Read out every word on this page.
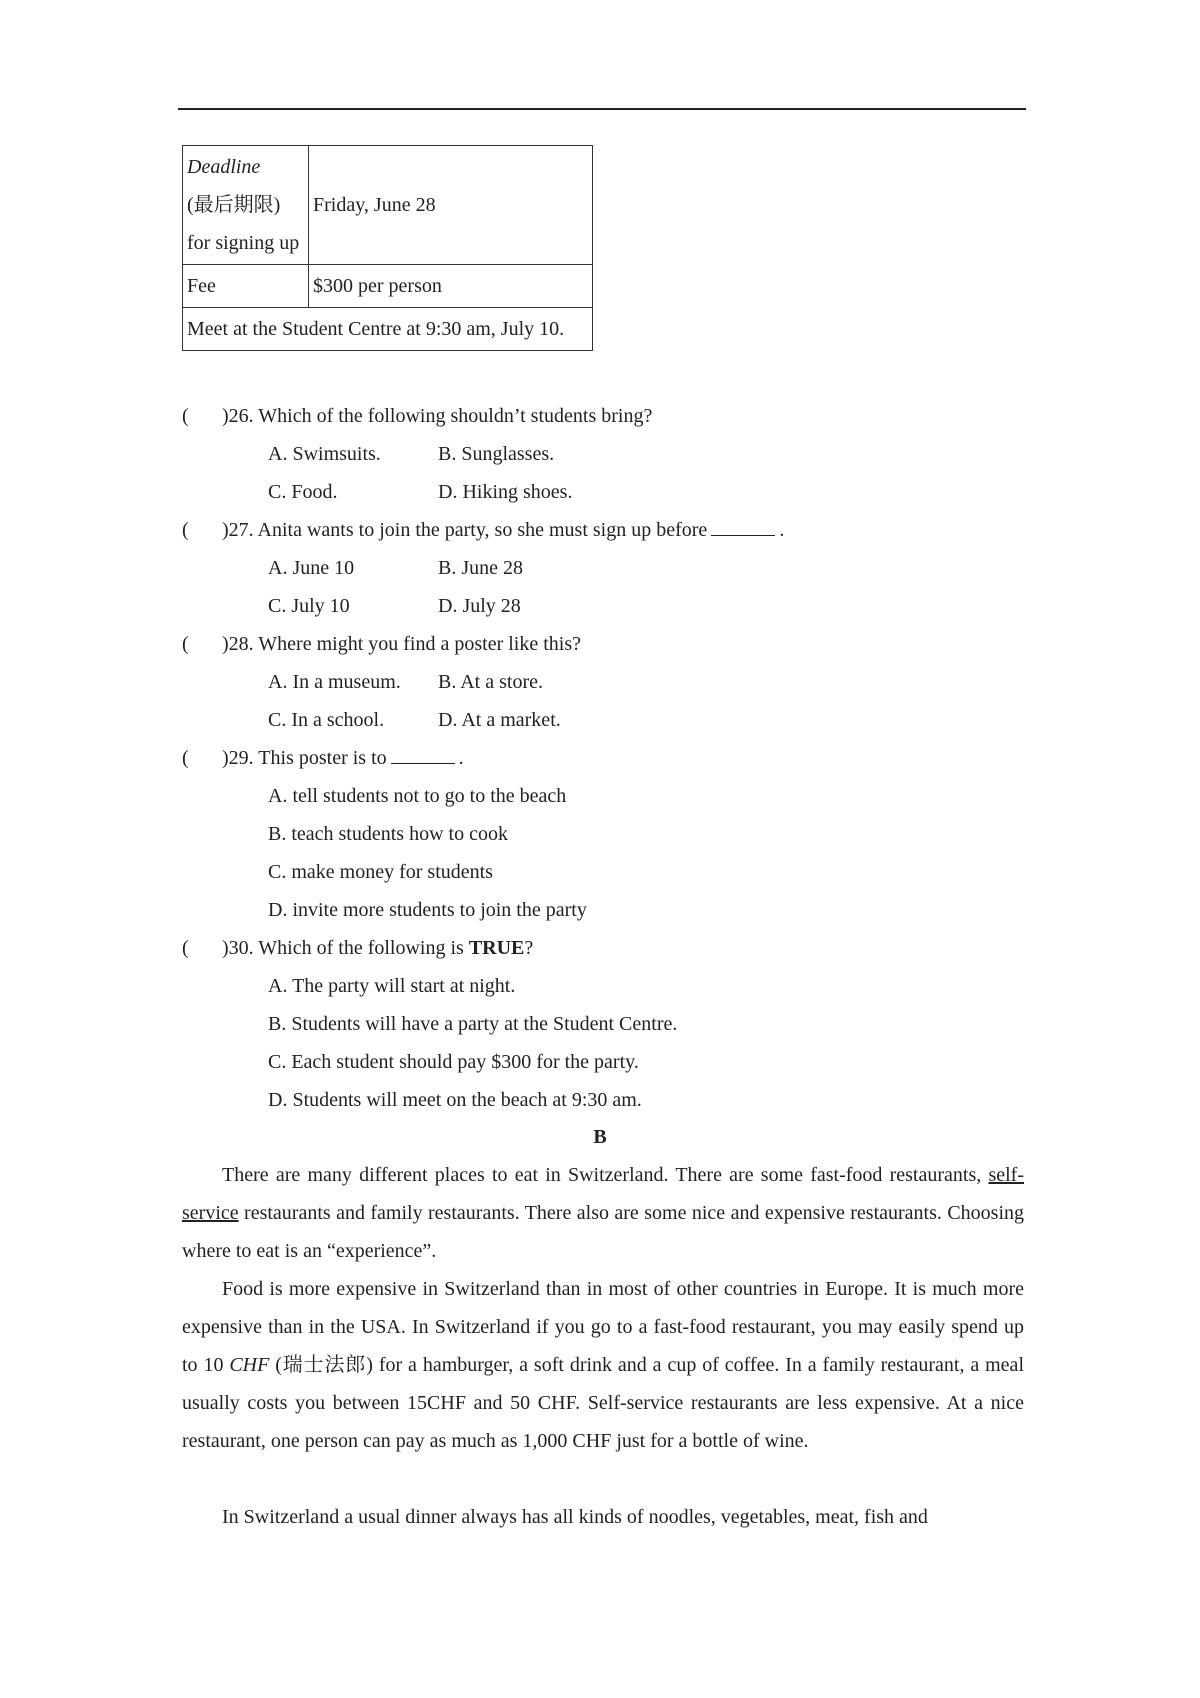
Deadline
(最后期限)
for signing up	Friday, June 28
Fee	$300 per person
Meet at the Student Centre at 9:30 am, July 10.	
( )26. Which of the following shouldn’t students bring?
A. Swimsuits.	B. Sunglasses.
C. Food.	D. Hiking shoes.
( )27. Anita wants to join the party, so she must sign up before	.
A. June 10	B. June 28
C. July 10	D. July 28
( )28. Where might you find a poster like this?
A. In a museum. B. At a store.
C. In a school.	D. At a market.
( )29. This poster is to	.
A. tell students not to go to the beach
B. teach students how to cook
C. make money for students
D. invite more students to join the party
( )30. Which of the following is TRUE?
A. The party will start at night.
B. Students will have a party at the Student Centre.
C. Each student should pay $300 for the party.
D. Students will meet on the beach at 9:30 am.
B
There are many different places to eat in Switzerland. There are some fast-food restaurants, self-service restaurants and family restaurants. There also are some nice and expensive restaurants. Choosing where to eat is an “experience”.
Food is more expensive in Switzerland than in most of other countries in Europe. It is much more expensive than in the USA. In Switzerland if you go to a fast-food restaurant, you may easily spend up to 10 CHF (瑞士法郎) for a hamburger, a soft drink and a cup of coffee. In a family restaurant, a meal usually costs you between 15CHF and 50 CHF. Self-service restaurants are less expensive. At a nice restaurant, one person can pay as much as 1,000 CHF just for a bottle of wine.
In Switzerland a usual dinner always has all kinds of noodles, vegetables, meat, fish and
